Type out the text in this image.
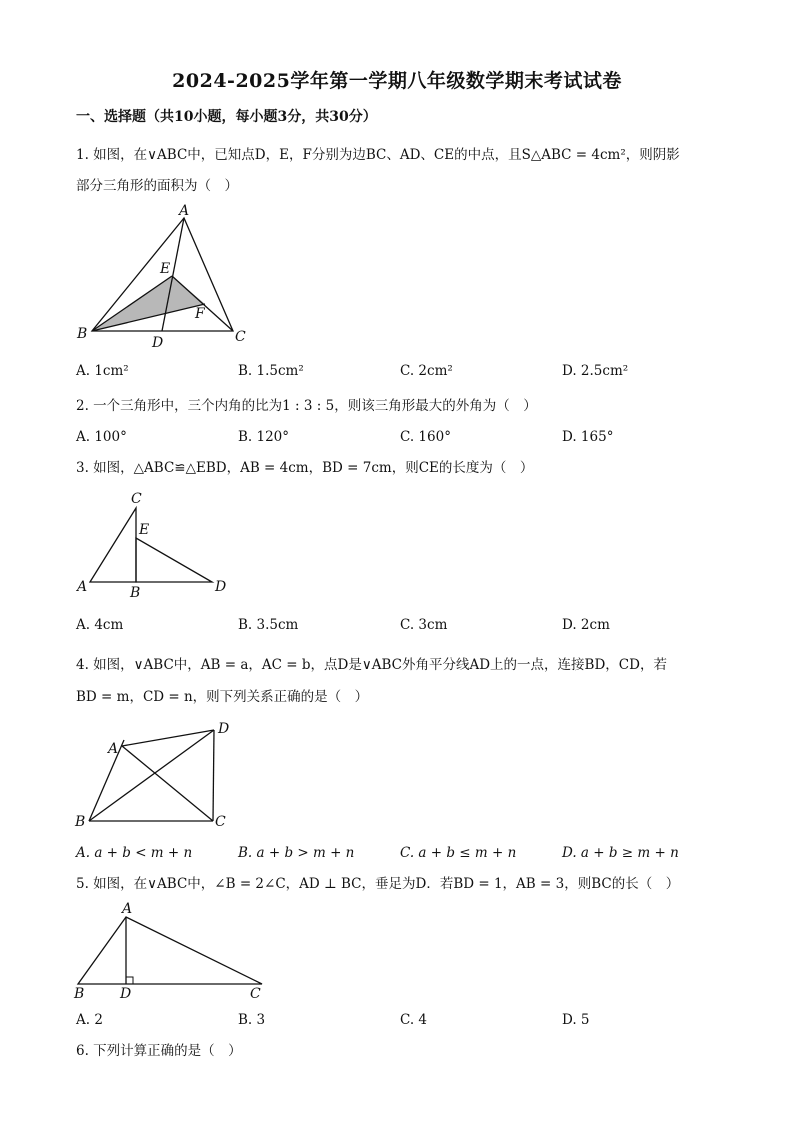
2024-2025学年第一学期八年级数学期末考试试卷
一、选择题（共10小题，每小题3分，共30分）
1. 如图，在∨ABC中，已知点D，E，F分别为边BC、AD、CE的中点，且S△ABC = 4cm²，则阴影
部分三角形的面积为（　）
A
B	C
D
E
F
A. 1cm²	B. 1.5cm²	C. 2cm²	D. 2.5cm²
2. 一个三角形中，三个内角的比为1 : 3 : 5，则该三角形最大的外角为（　）
A. 100°	B. 120°	C. 160°	D. 165°
3. 如图，△ABC≌△EBD，AB = 4cm，BD = 7cm，则CE的长度为（　）
C
E
A	B	D
A. 4cm	B. 3.5cm	C. 3cm	D. 2cm
4. 如图，∨ABC中，AB = a，AC = b，点D是∨ABC外角平分线AD上的一点，连接BD，CD，若
BD = m，CD = n，则下列关系正确的是（　）
A
D
B	C
A. a + b < m + n	B. a + b > m + n	C. a + b ≤ m + n	D. a + b ≥ m + n
5. 如图，在∨ABC中，∠B = 2∠C，AD ⊥ BC，垂足为D．若BD = 1，AB = 3，则BC的长（　）
A
B	D	C
A. 2	B. 3	C. 4	D. 5
6. 下列计算正确的是（　）
